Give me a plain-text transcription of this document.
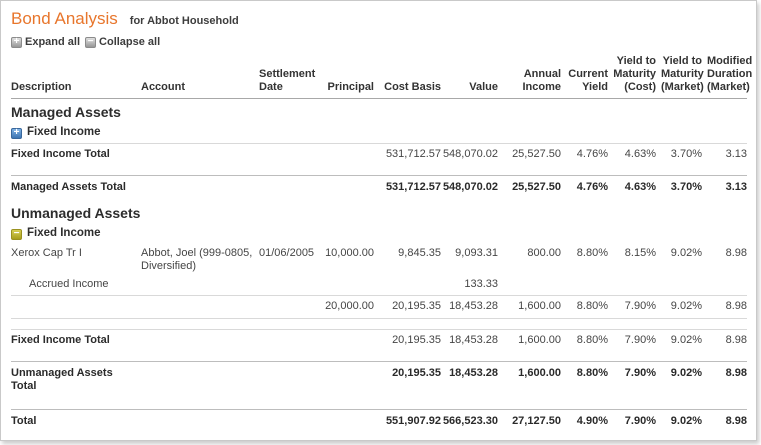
Bond Analysis for Abbot Household
+ Expand all − Collapse all
Description	Account	Settlement Date	Principal	Cost Basis	Value	Annual Income	Current Yield	Yield to Maturity (Cost)	Yield to Maturity (Market)	Modified Duration (Market)
Managed Assets										
+ Fixed Income										
Fixed Income Total				531,712.57	548,070.02	25,527.50	4.76%	4.63%	3.70%	3.13

Managed Assets Total				531,712.57	548,070.02	25,527.50	4.76%	4.63%	3.70%	3.13
Unmanaged Assets										
− Fixed Income										
Xerox Cap Tr I	Abbot, Joel (999-0805, Diversified)	01/06/2005	10,000.00	9,845.35	9,093.31	800.00	8.80%	8.15%	9.02%	8.98
Accrued Income					133.33					
			20,000.00	20,195.35	18,453.28	1,600.00	8.80%	7.90%	9.02%	8.98

Fixed Income Total				20,195.35	18,453.28	1,600.00	8.80%	7.90%	9.02%	8.98

Unmanaged Assets Total				20,195.35	18,453.28	1,600.00	8.80%	7.90%	9.02%	8.98

Total				551,907.92	566,523.30	27,127.50	4.90%	7.90%	9.02%	8.98
